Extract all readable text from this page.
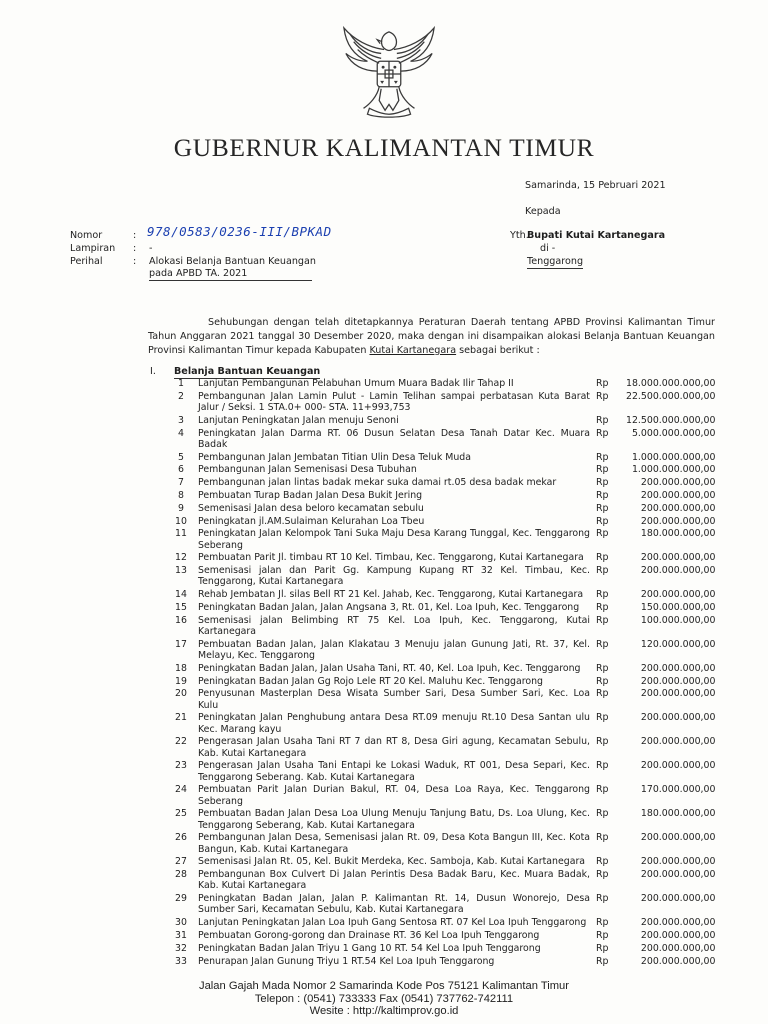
GUBERNUR KALIMANTAN TIMUR
Samarinda, 15 Pebruari 2021
Kepada
Yth.
Bupati Kutai Kartanegara
di -
Tenggarong
Nomor	: 978/0583/0236-III/BPKAD
Lampiran : -
Perihal	: Alokasi Belanja Bantuan Keuangan
pada APBD TA. 2021

Sehubungan dengan telah ditetapkannya Peraturan Daerah tentang APBD Provinsi Kalimantan Timur Tahun Anggaran 2021 tanggal 30 Desember 2020, maka dengan ini disampaikan alokasi Belanja Bantuan Keuangan Provinsi Kalimantan Timur kepada Kabupaten Kutai Kartanegara sebagai berikut :

I. Belanja Bantuan Keuangan
1	Lanjutan Pembangunan Pelabuhan Umum Muara Badak Ilir Tahap II	Rp	18.000.000.000,00
2	Pembangunan Jalan Lamin Pulut - Lamin Telihan sampai perbatasan Kuta Barat Jalur / Seksi. 1 STA.0+ 000- STA. 11+993,753	Rp	22.500.000.000,00
3	Lanjutan Peningkatan Jalan menuju Senoni	Rp	12.500.000.000,00
4	Peningkatan Jalan Darma RT. 06 Dusun Selatan Desa Tanah Datar Kec. Muara Badak	Rp	5.000.000.000,00
5	Pembangunan Jalan Jembatan Titian Ulin Desa Teluk Muda	Rp	1.000.000.000,00
6	Pembangunan Jalan Semenisasi Desa Tubuhan	Rp	1.000.000.000,00
7	Pembangunan jalan lintas badak mekar suka damai rt.05 desa badak mekar	Rp	200.000.000,00
8	Pembuatan Turap Badan Jalan Desa Bukit Jering	Rp	200.000.000,00
9	Semenisasi Jalan desa beloro kecamatan sebulu	Rp	200.000.000,00
10	Peningkatan jl.AM.Sulaiman Kelurahan Loa Tbeu	Rp	200.000.000,00
11	Peningkatan Jalan Kelompok Tani Suka Maju Desa Karang Tunggal, Kec. Tenggarong Seberang	Rp	180.000.000,00
12	Pembuatan Parit Jl. timbau RT 10 Kel. Timbau, Kec. Tenggarong, Kutai Kartanegara	Rp	200.000.000,00
13	Semenisasi jalan dan Parit Gg. Kampung Kupang RT 32 Kel. Timbau, Kec. Tenggarong, Kutai Kartanegara	Rp	200.000.000,00
14	Rehab Jembatan Jl. silas Bell RT 21 Kel. Jahab, Kec. Tenggarong, Kutai Kartanegara	Rp	200.000.000,00
15	Peningkatan Badan Jalan, Jalan Angsana 3, Rt. 01, Kel. Loa Ipuh, Kec. Tenggarong	Rp	150.000.000,00
16	Semenisasi jalan Belimbing RT 75 Kel. Loa Ipuh, Kec. Tenggarong, Kutai Kartanegara	Rp	100.000.000,00
17	Pembuatan Badan Jalan, Jalan Klakatau 3 Menuju jalan Gunung Jati, Rt. 37, Kel. Melayu, Kec. Tenggarong	Rp	120.000.000,00
18	Peningkatan Badan Jalan, Jalan Usaha Tani, RT. 40, Kel. Loa Ipuh, Kec. Tenggarong	Rp	200.000.000,00
19	Peningkatan Badan Jalan Gg Rojo Lele RT 20 Kel. Maluhu Kec. Tenggarong	Rp	200.000.000,00
20	Penyusunan Masterplan Desa Wisata Sumber Sari, Desa Sumber Sari, Kec. Loa Kulu	Rp	200.000.000,00
21	Peningkatan Jalan Penghubung antara Desa RT.09 menuju Rt.10 Desa Santan ulu Kec. Marang kayu	Rp	200.000.000,00
22	Pengerasan Jalan Usaha Tani RT 7 dan RT 8, Desa Giri agung, Kecamatan Sebulu, Kab. Kutai Kartanegara	Rp	200.000.000,00
23	Pengerasan Jalan Usaha Tani Entapi ke Lokasi Waduk, RT 001, Desa Separi, Kec. Tenggarong Seberang. Kab. Kutai Kartanegara	Rp	200.000.000,00
24	Pembuatan Parit Jalan Durian Bakul, RT. 04, Desa Loa Raya, Kec. Tenggarong Seberang	Rp	170.000.000,00
25	Pembuatan Badan Jalan Desa Loa Ulung Menuju Tanjung Batu, Ds. Loa Ulung, Kec. Tenggarong Seberang, Kab. Kutai Kartanegara	Rp	180.000.000,00
26	Pembangunan Jalan Desa, Semenisasi jalan Rt. 09, Desa Kota Bangun III, Kec. Kota Bangun, Kab. Kutai Kartanegara	Rp	200.000.000,00
27	Semenisasi Jalan Rt. 05, Kel. Bukit Merdeka, Kec. Samboja, Kab. Kutai Kartanegara	Rp	200.000.000,00
28	Pembangunan Box Culvert Di Jalan Perintis Desa Badak Baru, Kec. Muara Badak, Kab. Kutai Kartanegara	Rp	200.000.000,00
29	Peningkatan Badan Jalan, Jalan P. Kalimantan Rt. 14, Dusun Wonorejo, Desa Sumber Sari, Kecamatan Sebulu, Kab. Kutai Kartanegara	Rp	200.000.000,00
30	Lanjutan Peningkatan Jalan Loa Ipuh Gang Sentosa RT. 07 Kel Loa Ipuh Tenggarong	Rp	200.000.000,00
31	Pembuatan Gorong-gorong dan Drainase RT. 36 Kel Loa Ipuh Tenggarong	Rp	200.000.000,00
32	Peningkatan Badan Jalan Triyu 1 Gang 10 RT. 54 Kel Loa Ipuh Tenggarong	Rp	200.000.000,00
33	Penurapan Jalan Gunung Triyu 1 RT.54 Kel Loa Ipuh Tenggarong	Rp	200.000.000,00
Jalan Gajah Mada Nomor 2 Samarinda Kode Pos 75121 Kalimantan Timur
Telepon : (0541) 733333 Fax (0541) 737762-742111
Wesite : http://kaltimprov.go.id
